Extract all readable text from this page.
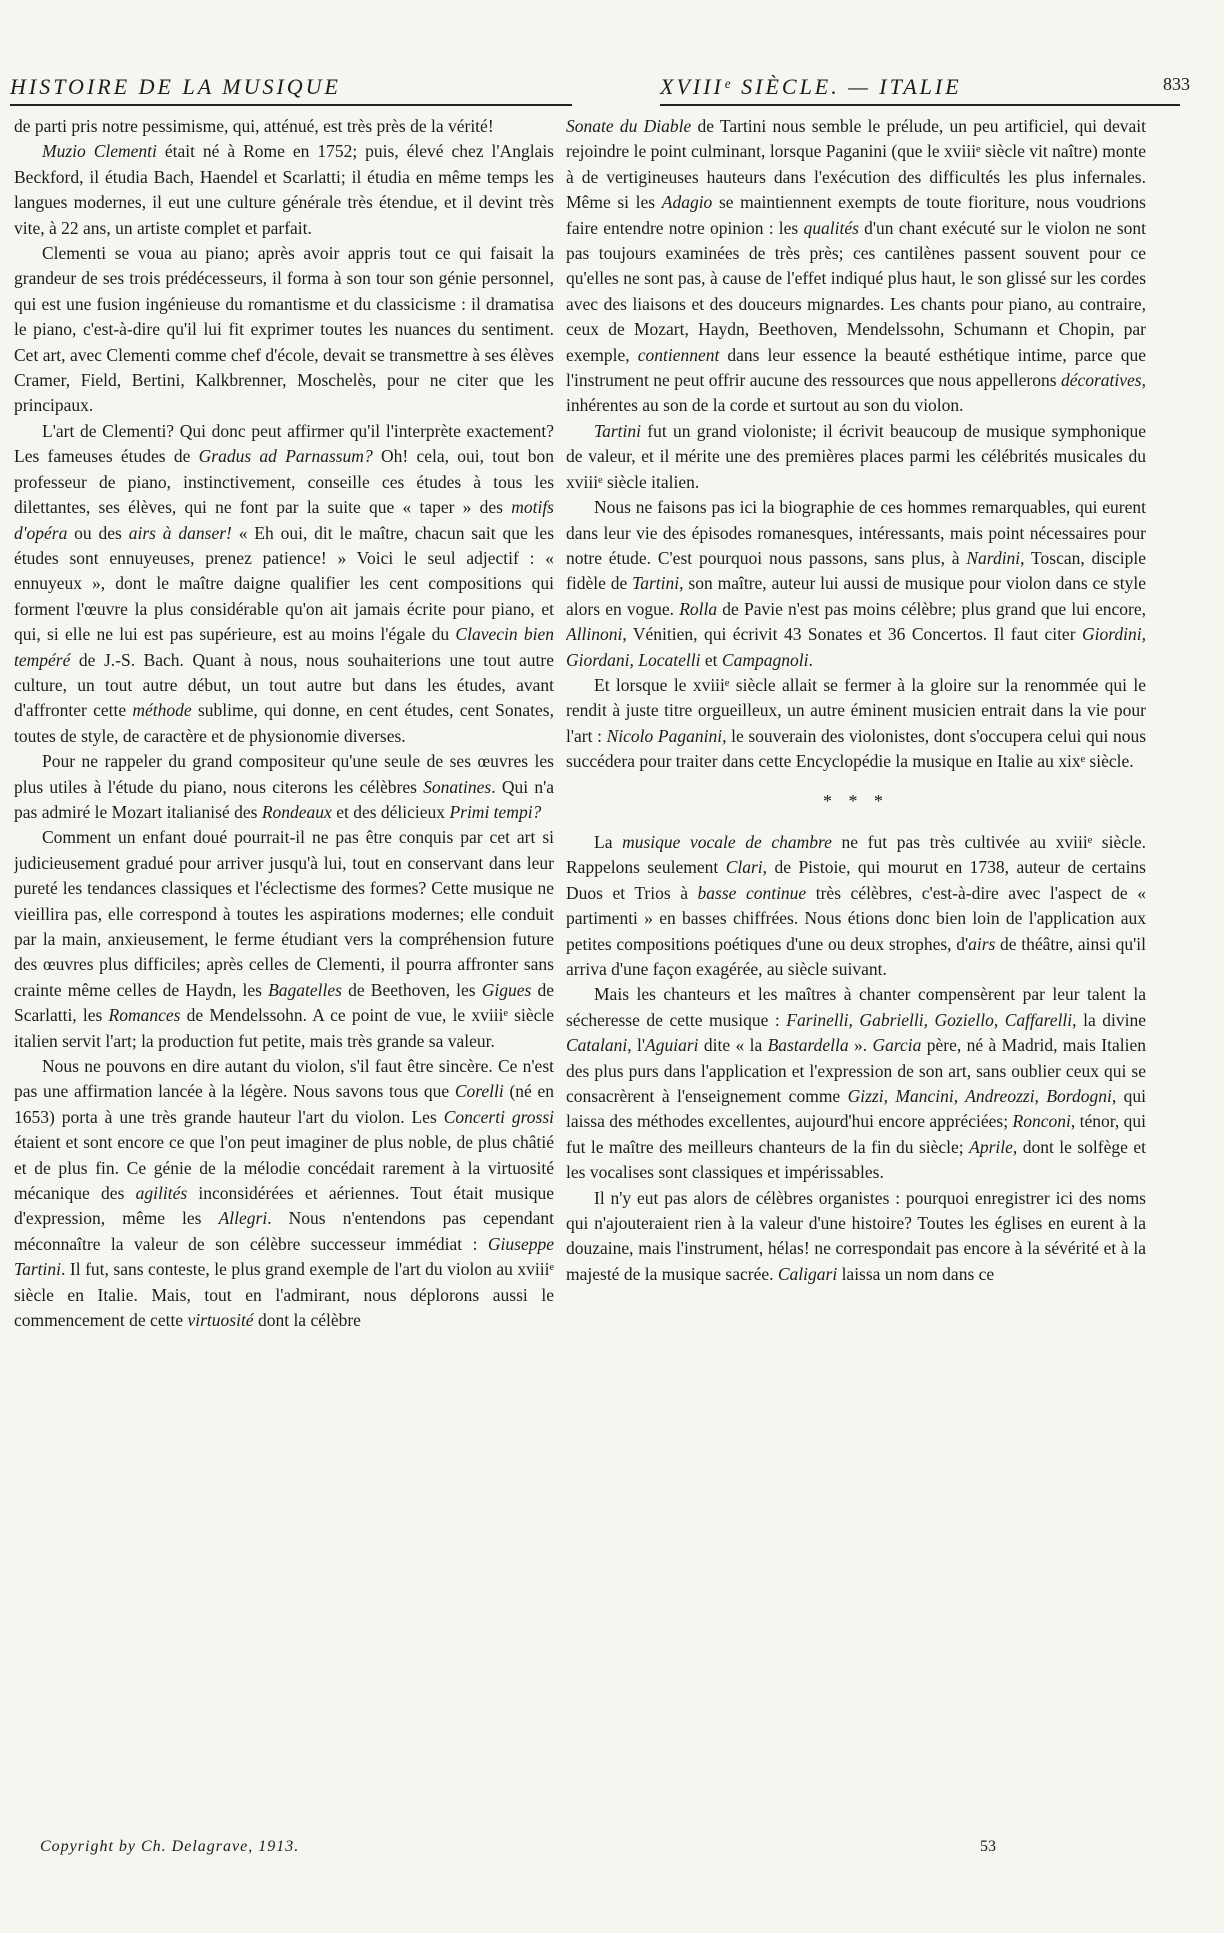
HISTOIRE DE LA MUSIQUE	XVIIIᵉ SIÈCLE. — ITALIE	833

de parti pris notre pessimisme, qui, atténué, est très près de la vérité!

Muzio Clementi était né à Rome en 1752; puis, élevé chez l'Anglais Beckford, il étudia Bach, Haendel et Scarlatti; il étudia en même temps les langues modernes, il eut une culture générale très étendue, et il devint très vite, à 22 ans, un artiste complet et parfait.

Clementi se voua au piano; après avoir appris tout ce qui faisait la grandeur de ses trois prédécesseurs, il forma à son tour son génie personnel, qui est une fusion ingénieuse du romantisme et du classicisme : il dramatisa le piano, c'est-à-dire qu'il lui fit exprimer toutes les nuances du sentiment. Cet art, avec Clementi comme chef d'école, devait se transmettre à ses élèves Cramer, Field, Bertini, Kalkbrenner, Moschelès, pour ne citer que les principaux.

L'art de Clementi? Qui donc peut affirmer qu'il l'interprète exactement? Les fameuses études de Gradus ad Parnassum? Oh! cela, oui, tout bon professeur de piano, instinctivement, conseille ces études à tous les dilettantes, ses élèves, qui ne font par la suite que « taper » des motifs d'opéra ou des airs à danser! « Eh oui, dit le maître, chacun sait que les études sont ennuyeuses, prenez patience! » Voici le seul adjectif : « ennuyeux », dont le maître daigne qualifier les cent compositions qui forment l'œuvre la plus considérable qu'on ait jamais écrite pour piano, et qui, si elle ne lui est pas supérieure, est au moins l'égale du Clavecin bien tempéré de J.-S. Bach. Quant à nous, nous souhaiterions une tout autre culture, un tout autre début, un tout autre but dans les études, avant d'affronter cette méthode sublime, qui donne, en cent études, cent Sonates, toutes de style, de caractère et de physionomie diverses.

Pour ne rappeler du grand compositeur qu'une seule de ses œuvres les plus utiles à l'étude du piano, nous citerons les célèbres Sonatines. Qui n'a pas admiré le Mozart italianisé des Rondeaux et des délicieux Primi tempi?

Comment un enfant doué pourrait-il ne pas être conquis par cet art si judicieusement gradué pour arriver jusqu'à lui, tout en conservant dans leur pureté les tendances classiques et l'éclectisme des formes? Cette musique ne vieillira pas, elle correspond à toutes les aspirations modernes; elle conduit par la main, anxieusement, le ferme étudiant vers la compréhension future des œuvres plus difficiles; après celles de Clementi, il pourra affronter sans crainte même celles de Haydn, les Bagatelles de Beethoven, les Gigues de Scarlatti, les Romances de Mendelssohn. A ce point de vue, le xviiiᵉ siècle italien servit l'art; la production fut petite, mais très grande sa valeur.

Nous ne pouvons en dire autant du violon, s'il faut être sincère. Ce n'est pas une affirmation lancée à la légère. Nous savons tous que Corelli (né en 1653) porta à une très grande hauteur l'art du violon. Les Concerti grossi étaient et sont encore ce que l'on peut imaginer de plus noble, de plus châtié et de plus fin. Ce génie de la mélodie concédait rarement à la virtuosité mécanique des agilités inconsidérées et aériennes. Tout était musique d'expression, même les Allegri. Nous n'entendons pas cependant méconnaître la valeur de son célèbre successeur immédiat : Giuseppe Tartini. Il fut, sans conteste, le plus grand exemple de l'art du violon au xviiiᵉ siècle en Italie. Mais, tout en l'admirant, nous déplorons aussi le commencement de cette virtuosité dont la célèbre

Sonate du Diable de Tartini nous semble le prélude, un peu artificiel, qui devait rejoindre le point culminant, lorsque Paganini (que le xviiiᵉ siècle vit naître) monte à de vertigineuses hauteurs dans l'exécution des difficultés les plus infernales. Même si les Adagio se maintiennent exempts de toute fioriture, nous voudrions faire entendre notre opinion : les qualités d'un chant exécuté sur le violon ne sont pas toujours examinées de très près; ces cantilènes passent souvent pour ce qu'elles ne sont pas, à cause de l'effet indiqué plus haut, le son glissé sur les cordes avec des liaisons et des douceurs mignardes. Les chants pour piano, au contraire, ceux de Mozart, Haydn, Beethoven, Mendelssohn, Schumann et Chopin, par exemple, contiennent dans leur essence la beauté esthétique intime, parce que l'instrument ne peut offrir aucune des ressources que nous appellerons décoratives, inhérentes au son de la corde et surtout au son du violon.

Tartini fut un grand violoniste; il écrivit beaucoup de musique symphonique de valeur, et il mérite une des premières places parmi les célébrités musicales du xviiiᵉ siècle italien.

Nous ne faisons pas ici la biographie de ces hommes remarquables, qui eurent dans leur vie des épisodes romanesques, intéressants, mais point nécessaires pour notre étude. C'est pourquoi nous passons, sans plus, à Nardini, Toscan, disciple fidèle de Tartini, son maître, auteur lui aussi de musique pour violon dans ce style alors en vogue. Rolla de Pavie n'est pas moins célèbre; plus grand que lui encore, Allinoni, Vénitien, qui écrivit 43 Sonates et 36 Concertos. Il faut citer Giordini, Giordani, Locatelli et Campagnoli.

Et lorsque le xviiiᵉ siècle allait se fermer à la gloire sur la renommée qui le rendit à juste titre orgueilleux, un autre éminent musicien entrait dans la vie pour l'art : Nicolo Paganini, le souverain des violonistes, dont s'occupera celui qui nous succédera pour traiter dans cette Encyclopédie la musique en Italie au xixᵉ siècle.

* * *

La musique vocale de chambre ne fut pas très cultivée au xviiiᵉ siècle. Rappelons seulement Clari, de Pistoie, qui mourut en 1738, auteur de certains Duos et Trios à basse continue très célèbres, c'est-à-dire avec l'aspect de « partimenti » en basses chiffrées. Nous étions donc bien loin de l'application aux petites compositions poétiques d'une ou deux strophes, d'airs de théâtre, ainsi qu'il arriva d'une façon exagérée, au siècle suivant.

Mais les chanteurs et les maîtres à chanter compensèrent par leur talent la sécheresse de cette musique : Farinelli, Gabrielli, Goziello, Caffarelli, la divine Catalani, l'Aguiari dite « la Bastardella ». Garcia père, né à Madrid, mais Italien des plus purs dans l'application et l'expression de son art, sans oublier ceux qui se consacrèrent à l'enseignement comme Gizzi, Mancini, Andreozzi, Bordogni, qui laissa des méthodes excellentes, aujourd'hui encore appréciées; Ronconi, ténor, qui fut le maître des meilleurs chanteurs de la fin du siècle; Aprile, dont le solfège et les vocalises sont classiques et impérissables.

Il n'y eut pas alors de célèbres organistes : pourquoi enregistrer ici des noms qui n'ajouteraient rien à la valeur d'une histoire? Toutes les églises en eurent à la douzaine, mais l'instrument, hélas! ne correspondait pas encore à la sévérité et à la majesté de la musique sacrée. Caligari laissa un nom dans ce

Copyright by Ch. Delagrave, 1913.	53
